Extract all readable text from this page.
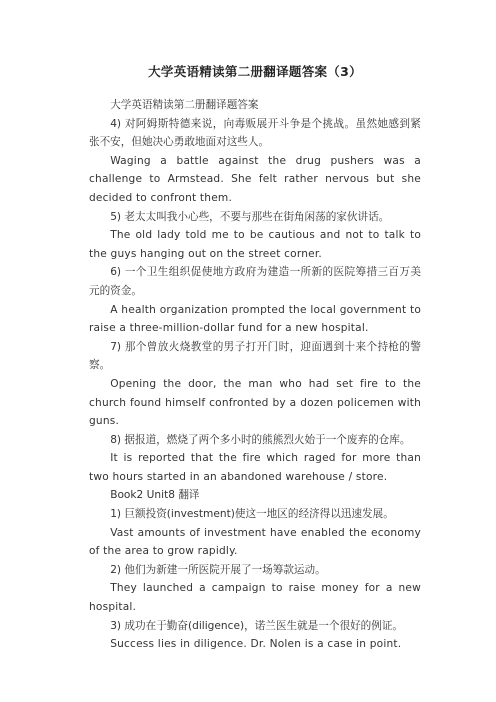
大学英语精读第二册翻译题答案（3）

大学英语精读第二册翻译题答案

4) 对阿姆斯特德来说，向毒贩展开斗争是个挑战。虽然她感到紧张不安，但她决心勇敢地面对这些人。

Waging a battle against the drug pushers was a challenge to Armstead. She felt rather nervous but she decided to confront them.

5) 老太太叫我小心些，不要与那些在街角闲荡的家伙讲话。

The old lady told me to be cautious and not to talk to the guys hanging out on the street corner.

6) 一个卫生组织促使地方政府为建造一所新的医院筹措三百万美元的资金。

A health organization prompted the local government to raise a three-million-dollar fund for a new hospital.

7) 那个曾放火烧教堂的男子打开门时，迎面遇到十来个持枪的警察。

Opening the door, the man who had set fire to the church found himself confronted by a dozen policemen with guns.

8) 据报道，燃烧了两个多小时的熊熊烈火始于一个废弃的仓库。

It is reported that the fire which raged for more than two hours started in an abandoned warehouse / store.

Book2 Unit8 翻译

1) 巨额投资(investment)使这一地区的经济得以迅速发展。

Vast amounts of investment have enabled the economy of the area to grow rapidly.

2) 他们为新建一所医院开展了一场筹款运动。

They launched a campaign to raise money for a new hospital.

3) 成功在于勤奋(diligence)，诺兰医生就是一个很好的例证。

Success lies in diligence. Dr. Nolen is a case in point.
